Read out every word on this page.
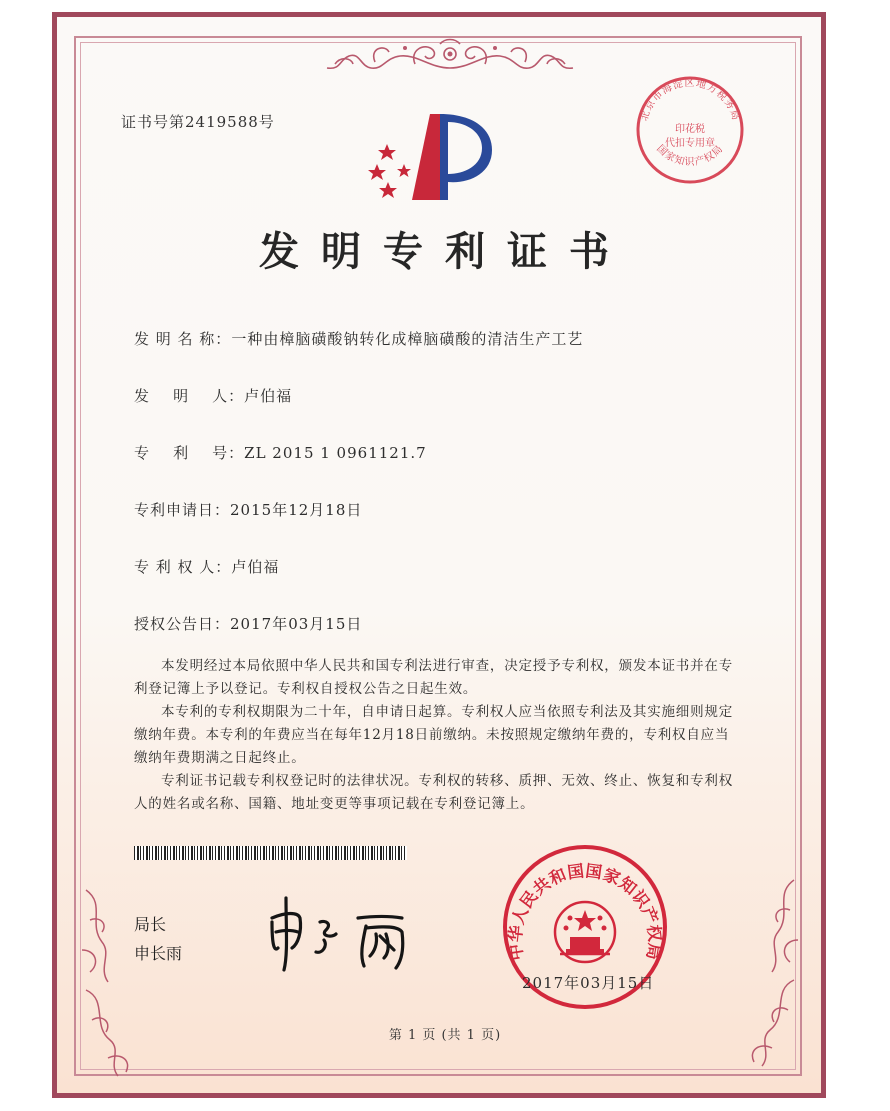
证书号第2419588号	北京市海淀区地方税务局
印花税
代扣专用章
国家知识产权局
发明专利证书
发 明 名 称：一种由樟脑磺酸钠转化成樟脑磺酸的清洁生产工艺
发    明    人：卢伯福
专    利    号：ZL 2015 1 0961121.7
专利申请日：2015年12月18日
专 利 权 人：卢伯福
授权公告日：2017年03月15日

本发明经过本局依照中华人民共和国专利法进行审查，决定授予专利权，颁发本证书并在专利登记簿上予以登记。专利权自授权公告之日起生效。

本专利的专利权期限为二十年，自申请日起算。专利权人应当依照专利法及其实施细则规定缴纳年费。本专利的年费应当在每年12月18日前缴纳。未按照规定缴纳年费的，专利权自应当缴纳年费期满之日起终止。

专利证书记载专利权登记时的法律状况。专利权的转移、质押、无效、终止、恢复和专利权人的姓名或名称、国籍、地址变更等事项记载在专利登记簿上。

局长
申长雨	中华人民共和国国家知识产权局
2017年03月15日
第 1 页 (共 1 页)
